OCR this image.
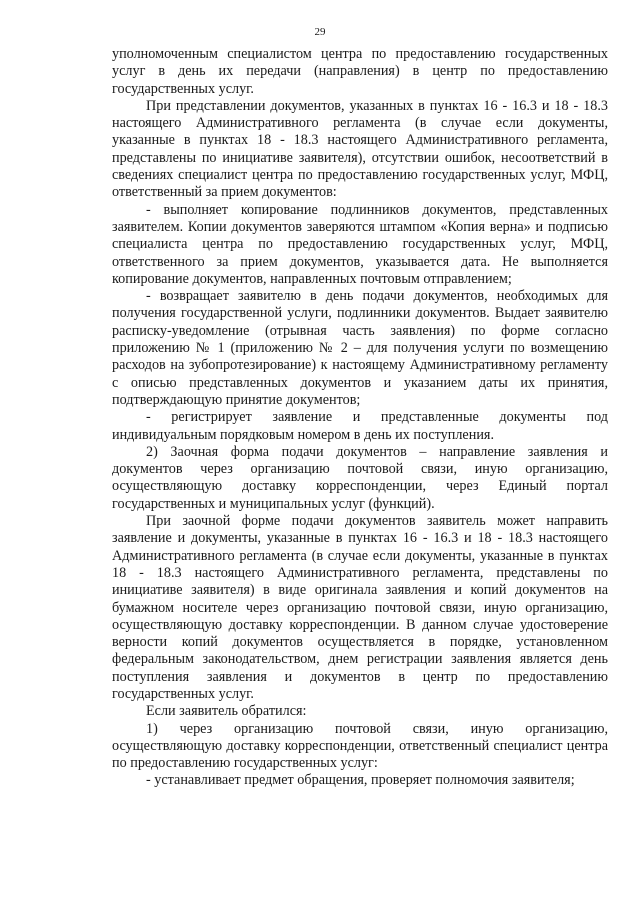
29

уполномоченным специалистом центра по предоставлению государственных услуг в день их передачи (направления) в центр по предоставлению государственных услуг.

При представлении документов, указанных в пунктах 16 - 16.3 и 18 - 18.3 настоящего Административного регламента (в случае если документы, указанные в пунктах 18 - 18.3 настоящего Административного регламента, представлены по инициативе заявителя), отсутствии ошибок, несоответствий в сведениях специалист центра по предоставлению государственных услуг, МФЦ, ответственный за прием документов:

- выполняет копирование подлинников документов, представленных заявителем. Копии документов заверяются штампом «Копия верна» и подписью специалиста центра по предоставлению государственных услуг, МФЦ, ответственного за прием документов, указывается дата. Не выполняется копирование документов, направленных почтовым отправлением;

- возвращает заявителю в день подачи документов, необходимых для получения государственной услуги, подлинники документов. Выдает заявителю расписку-уведомление (отрывная часть заявления) по форме согласно приложению № 1 (приложению № 2 – для получения услуги по возмещению расходов на зубопротезирование) к настоящему Административному регламенту с описью представленных документов и указанием даты их принятия, подтверждающую принятие документов;

- регистрирует заявление и представленные документы под индивидуальным порядковым номером в день их поступления.

2) Заочная форма подачи документов – направление заявления и документов через организацию почтовой связи, иную организацию, осуществляющую доставку корреспонденции, через Единый портал государственных и муниципальных услуг (функций).

При заочной форме подачи документов заявитель может направить заявление и документы, указанные в пунктах 16 - 16.3 и 18 - 18.3 настоящего Административного регламента (в случае если документы, указанные в пунктах 18 - 18.3 настоящего Административного регламента, представлены по инициативе заявителя) в виде оригинала заявления и копий документов на бумажном носителе через организацию почтовой связи, иную организацию, осуществляющую доставку корреспонденции. В данном случае удостоверение верности копий документов осуществляется в порядке, установленном федеральным законодательством, днем регистрации заявления является день поступления заявления и документов в центр по предоставлению государственных услуг.

Если заявитель обратился:

1) через организацию почтовой связи, иную организацию, осуществляющую доставку корреспонденции, ответственный специалист центра по предоставлению государственных услуг:

- устанавливает предмет обращения, проверяет полномочия заявителя;
